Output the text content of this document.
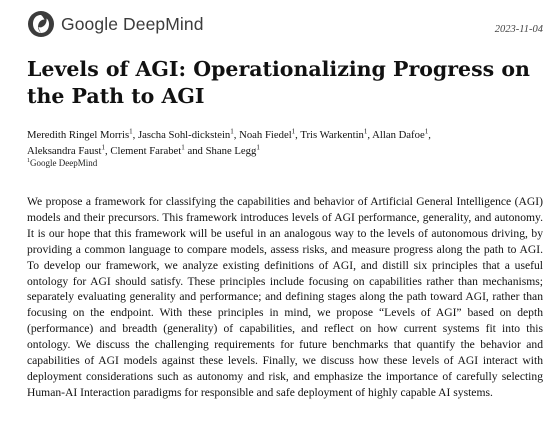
Google DeepMind	2023-11-04
Levels of AGI: Operationalizing Progress on the Path to AGI

Meredith Ringel Morris$^1$, Jascha Sohl-dickstein$^1$, Noah Fiedel$^1$, Tris Warkentin$^1$, Allan Dafoe$^1$,
Aleksandra Faust$^1$, Clement Farabet$^1$ and Shane Legg$^1$

$^1$Google DeepMind

We propose a framework for classifying the capabilities and behavior of Artificial General Intelligence (AGI) models and their precursors. This framework introduces levels of AGI performance, generality, and autonomy. It is our hope that this framework will be useful in an analogous way to the levels of autonomous driving, by providing a common language to compare models, assess risks, and measure progress along the path to AGI. To develop our framework, we analyze existing definitions of AGI, and distill six principles that a useful ontology for AGI should satisfy. These principles include focusing on capabilities rather than mechanisms; separately evaluating generality and performance; and defining stages along the path toward AGI, rather than focusing on the endpoint. With these principles in mind, we propose “Levels of AGI” based on depth (performance) and breadth (generality) of capabilities, and reflect on how current systems fit into this ontology. We discuss the challenging requirements for future benchmarks that quantify the behavior and capabilities of AGI models against these levels. Finally, we discuss how these levels of AGI interact with deployment considerations such as autonomy and risk, and emphasize the importance of carefully selecting Human-AI Interaction paradigms for responsible and safe deployment of highly capable AI systems.
